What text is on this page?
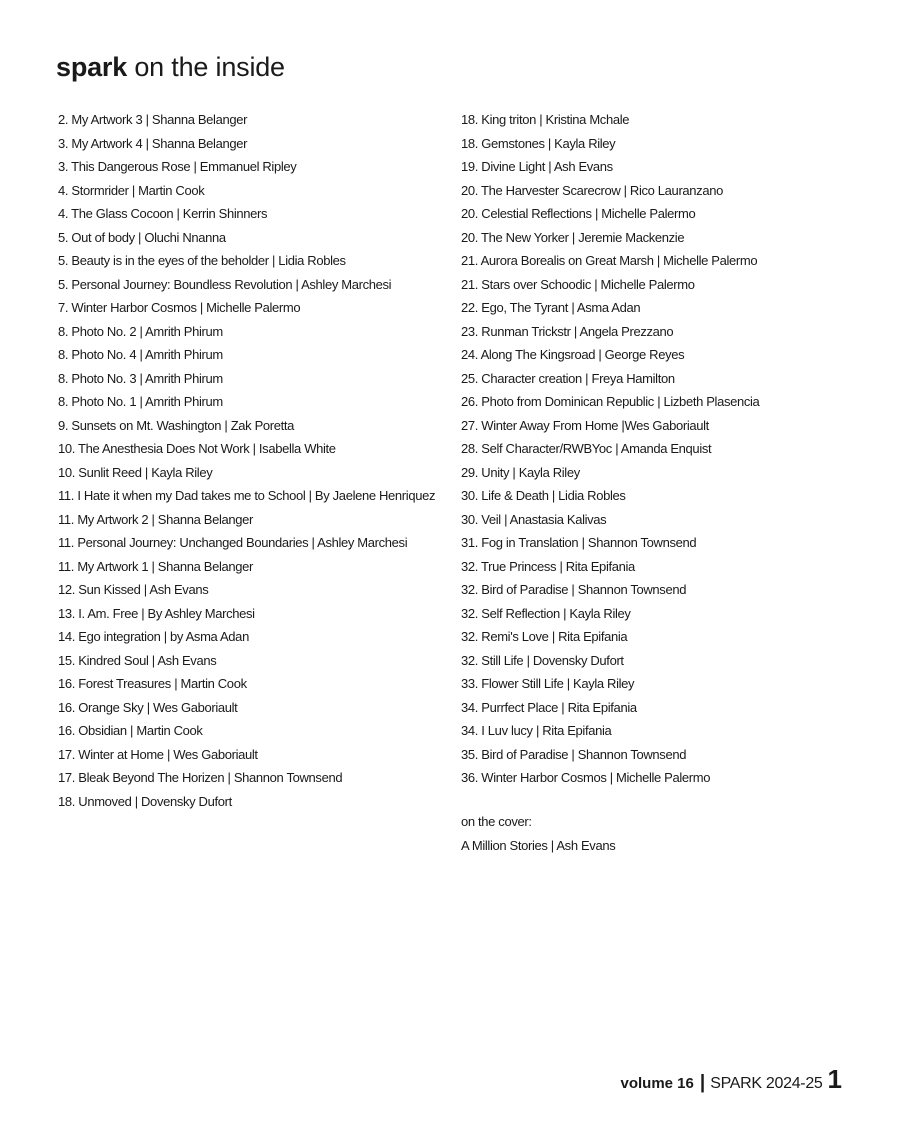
spark on the inside
2. My Artwork 3 | Shanna Belanger
3. My Artwork 4 | Shanna Belanger
3. This Dangerous Rose | Emmanuel Ripley
4. Stormrider | Martin Cook
4. The Glass Cocoon | Kerrin Shinners
5. Out of body | Oluchi Nnanna
5. Beauty is in the eyes of the beholder | Lidia Robles
5. Personal Journey: Boundless Revolution | Ashley Marchesi
7. Winter Harbor Cosmos | Michelle Palermo
8. Photo No. 2 | Amrith Phirum
8. Photo No. 4 | Amrith Phirum
8. Photo No. 3 | Amrith Phirum
8. Photo No. 1 | Amrith Phirum
9. Sunsets on Mt. Washington | Zak Poretta
10. The Anesthesia Does Not Work | Isabella White
10. Sunlit Reed | Kayla Riley
11. I Hate it when my Dad takes me to School | By Jaelene Henriquez
11. My Artwork 2 | Shanna Belanger
11. Personal Journey: Unchanged Boundaries | Ashley Marchesi
11. My Artwork 1 | Shanna Belanger
12. Sun Kissed | Ash Evans
13. I. Am. Free | By Ashley Marchesi
14. Ego integration | by Asma Adan
15. Kindred Soul | Ash Evans
16. Forest Treasures | Martin Cook
16. Orange Sky | Wes Gaboriault
16. Obsidian | Martin Cook
17. Winter at Home | Wes Gaboriault
17. Bleak Beyond The Horizen | Shannon Townsend
18. Unmoved | Dovensky Dufort
18. King triton | Kristina Mchale
18. Gemstones | Kayla Riley
19. Divine Light | Ash Evans
20. The Harvester Scarecrow | Rico Lauranzano
20. Celestial Reflections | Michelle Palermo
20. The New Yorker | Jeremie Mackenzie
21. Aurora Borealis on Great Marsh | Michelle Palermo
21. Stars over Schoodic | Michelle Palermo
22. Ego, The Tyrant | Asma Adan
23. Runman Trickstr | Angela Prezzano
24. Along The Kingsroad | George Reyes
25. Character creation | Freya Hamilton
26. Photo from Dominican Republic | Lizbeth Plasencia
27. Winter Away From Home |Wes Gaboriault
28. Self Character/RWBYoc | Amanda Enquist
29. Unity | Kayla Riley
30. Life & Death | Lidia Robles
30. Veil | Anastasia Kalivas
31. Fog in Translation | Shannon Townsend
32. True Princess | Rita Epifania
32. Bird of Paradise | Shannon Townsend
32. Self Reflection | Kayla Riley
32. Remi's Love | Rita Epifania
32. Still Life | Dovensky Dufort
33. Flower Still Life | Kayla Riley
34. Purrfect Place | Rita Epifania
34. I Luv lucy | Rita Epifania
35. Bird of Paradise | Shannon Townsend
36. Winter Harbor Cosmos | Michelle Palermo
on the cover:
A Million Stories | Ash Evans
volume 16 | SPARK 2024-25 1
